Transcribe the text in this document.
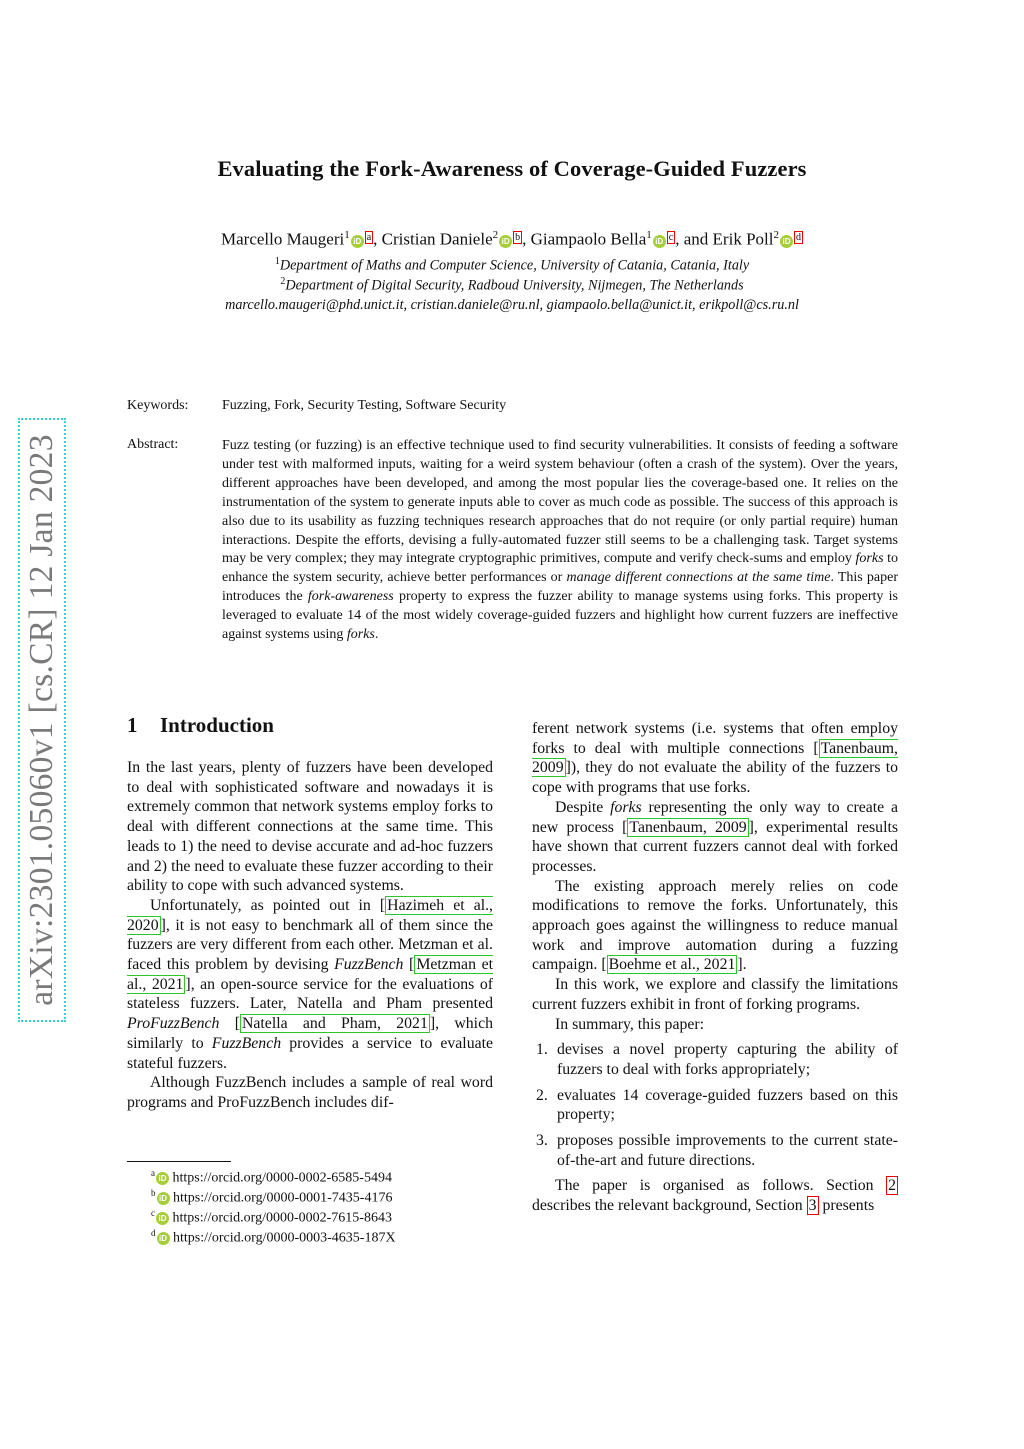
Evaluating the Fork-Awareness of Coverage-Guided Fuzzers
Marcello Maugeri$^1$iD a , Cristian Daniele$^2$iD b , Giampaolo Bella$^1$iD c , and Erik Poll$^2$iD d
$^1$Department of Maths and Computer Science, University of Catania, Catania, Italy
$^2$Department of Digital Security, Radboud University, Nijmegen, The Netherlands
marcello.maugeri@phd.unict.it, cristian.daniele@ru.nl, giampaolo.bella@unict.it, erikpoll@cs.ru.nl
arXiv:2301.05060v1 [cs.CR] 12 Jan 2023
Keywords: Fuzzing, Fork, Security Testing, Software Security
Abstract:	Fuzz testing (or fuzzing) is an effective technique used to find security vulnerabilities. It consists of feeding a software under test with malformed inputs, waiting for a weird system behaviour (often a crash of the system). Over the years, different approaches have been developed, and among the most popular lies the coverage-based one. It relies on the instrumentation of the system to generate inputs able to cover as much code as possible. The success of this approach is also due to its usability as fuzzing techniques research approaches that do not require (or only partial require) human interactions. Despite the efforts, devising a fully-automated fuzzer still seems to be a challenging task. Target systems may be very complex; they may integrate cryptographic primitives, compute and verify check-sums and employ forks to enhance the system security, achieve better performances or manage different connections at the same time. This paper introduces the fork-awareness property to express the fuzzer ability to manage systems using forks. This property is leveraged to evaluate 14 of the most widely coverage-guided fuzzers and highlight how current fuzzers are ineffective against systems using forks.
1 Introduction

In the last years, plenty of fuzzers have been developed to deal with sophisticated software and nowadays it is extremely common that network systems employ forks to deal with different connections at the same time. This leads to 1) the need to devise accurate and ad-hoc fuzzers and 2) the need to evaluate these fuzzer according to their ability to cope with such advanced systems.

Unfortunately, as pointed out in [ Hazimeh et al., 2020 ], it is not easy to benchmark all of them since the fuzzers are very different from each other. Metzman et al. faced this problem by devising FuzzBench [ Metzman et al., 2021 ], an open-source service for the evaluations of stateless fuzzers. Later, Natella and Pham presented ProFuzzBench [ Natella and Pham, 2021 ], which similarly to FuzzBench provides a service to evaluate stateful fuzzers.

Although FuzzBench includes a sample of real word programs and ProFuzzBench includes dif-

$^a$iD https://orcid.org/0000-0002-6585-5494
$^b$iD https://orcid.org/0000-0001-7435-4176
$^c$iD https://orcid.org/0000-0002-7615-8643
$^d$iD https://orcid.org/0000-0003-4635-187X

ferent network systems (i.e. systems that often employ forks to deal with multiple connections [ Tanenbaum, 2009 ]), they do not evaluate the ability of the fuzzers to cope with programs that use forks.

Despite forks representing the only way to create a new process [ Tanenbaum, 2009 ], experimental results have shown that current fuzzers cannot deal with forked processes.

The existing approach merely relies on code modifications to remove the forks. Unfortunately, this approach goes against the willingness to reduce manual work and improve automation during a fuzzing campaign. [ Boehme et al., 2021 ].

In this work, we explore and classify the limitations current fuzzers exhibit in front of forking programs.

In summary, this paper:

1. devises a novel property capturing the ability of fuzzers to deal with forks appropriately;
2. evaluates 14 coverage-guided fuzzers based on this property;
3. proposes possible improvements to the current state-of-the-art and future directions.

The paper is organised as follows. Section 2 describes the relevant background, Section 3 presents
